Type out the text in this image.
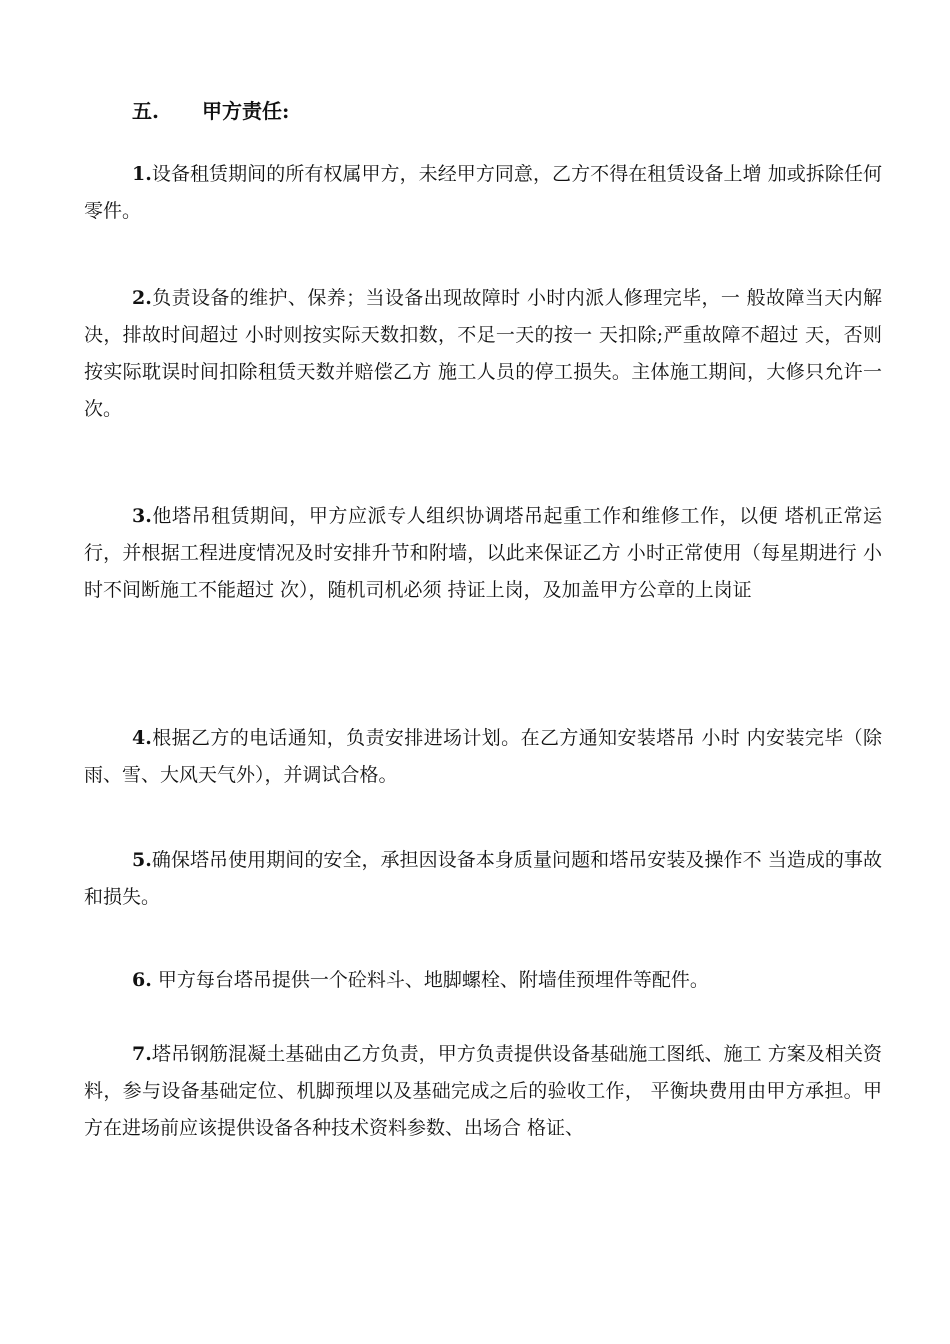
五. 甲方责任:
1.设备租赁期间的所有权属甲方，未经甲方同意，乙方不得在租赁设备上增 加或拆除任何零件。
2.负责设备的维护、保养；当设备出现故障时 小时内派人修理完毕，一 般故障当天内解决，排故时间超过 小时则按实际天数扣数，不足一天的按一 天扣除;严重故障不超过 天，否则按实际耽误时间扣除租赁天数并赔偿乙方 施工人员的停工损失。主体施工期间，大修只允许一次。
3.他塔吊租赁期间，甲方应派专人组织协调塔吊起重工作和维修工作，以便 塔机正常运行，并根据工程进度情况及时安排升节和附墙，以此来保证乙方 小时正常使用（每星期进行 小时不间断施工不能超过 次），随机司机必须 持证上岗，及加盖甲方公章的上岗证
4.根据乙方的电话通知，负责安排进场计划。在乙方通知安装塔吊 小时 内安装完毕（除雨、雪、大风天气外），并调试合格。
5.确保塔吊使用期间的安全，承担因设备本身质量问题和塔吊安装及操作不 当造成的事故和损失。
6. 甲方每台塔吊提供一个砼料斗、地脚螺栓、附墙佳预埋件等配件。
7.塔吊钢筋混凝土基础由乙方负责，甲方负责提供设备基础施工图纸、施工 方案及相关资料，参与设备基础定位、机脚预埋以及基础完成之后的验收工作， 平衡块费用由甲方承担。甲方在进场前应该提供设备各种技术资料参数、出场合 格证、
